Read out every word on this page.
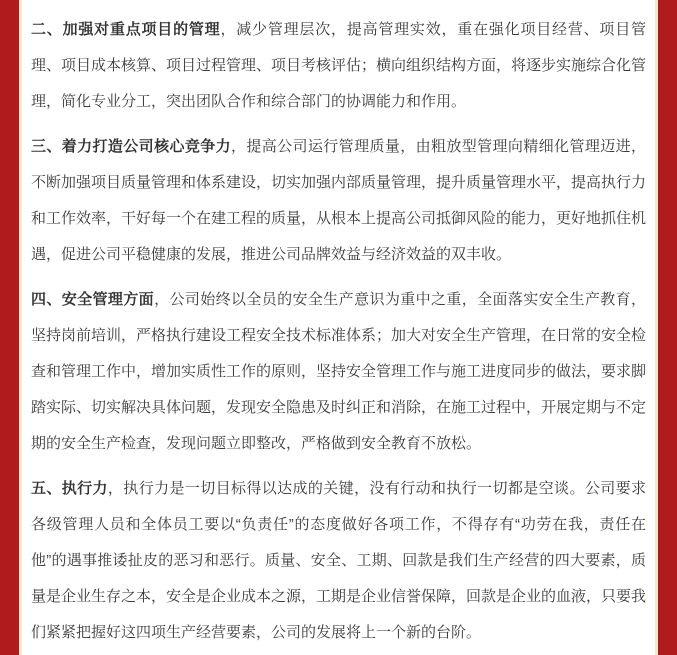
二、加强对重点项目的管理，减少管理层次，提高管理实效，重在强化项目经营、项目管理、项目成本核算、项目过程管理、项目考核评估；横向组织结构方面，将逐步实施综合化管理，简化专业分工，突出团队合作和综合部门的协调能力和作用。

三、着力打造公司核心竞争力，提高公司运行管理质量，由粗放型管理向精细化管理迈进，不断加强项目质量管理和体系建设，切实加强内部质量管理，提升质量管理水平，提高执行力和工作效率，干好每一个在建工程的质量，从根本上提高公司抵御风险的能力，更好地抓住机遇，促进公司平稳健康的发展，推进公司品牌效益与经济效益的双丰收。

四、安全管理方面，公司始终以全员的安全生产意识为重中之重，全面落实安全生产教育，坚持岗前培训，严格执行建设工程安全技术标准体系；加大对安全生产管理，在日常的安全检查和管理工作中，增加实质性工作的原则，坚持安全管理工作与施工进度同步的做法，要求脚踏实际、切实解决具体问题，发现安全隐患及时纠正和消除，在施工过程中，开展定期与不定期的安全生产检查，发现问题立即整改，严格做到安全教育不放松。

五、执行力，执行力是一切目标得以达成的关键，没有行动和执行一切都是空谈。公司要求各级管理人员和全体员工要以“负责任”的态度做好各项工作，不得存有“功劳在我，责任在他”的遇事推诿扯皮的恶习和恶行。质量、安全、工期、回款是我们生产经营的四大要素，质量是企业生存之本，安全是企业成本之源，工期是企业信誉保障，回款是企业的血液，只要我们紧紧把握好这四项生产经营要素，公司的发展将上一个新的台阶。
